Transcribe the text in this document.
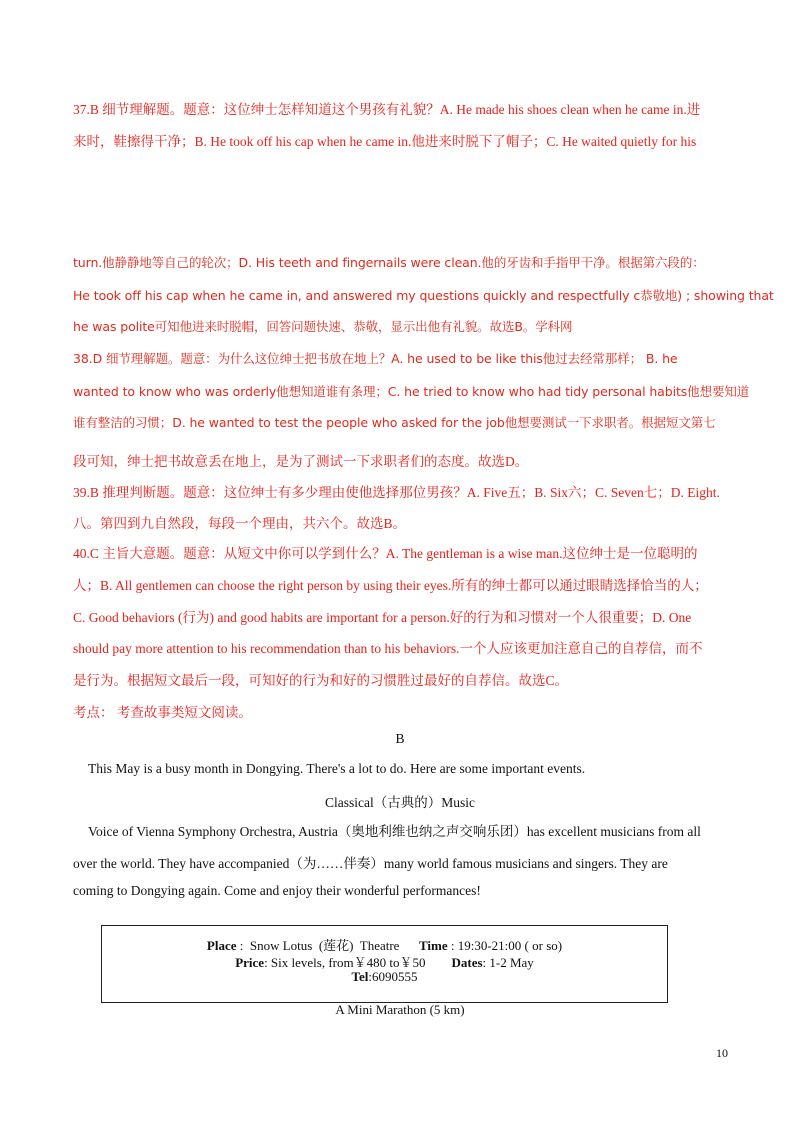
37.B 细节理解题。题意：这位绅士怎样知道这个男孩有礼貌？A. He made his shoes clean when he came in.进
来时，鞋擦得干净；B. He took off his cap when he came in.他进来时脱下了帽子；C. He waited quietly for his
turn.他静静地等自己的轮次；D. His teeth and fingernails were clean.他的牙齿和手指甲干净。根据第六段的：
He took off his cap when he came in, and answered my questions quickly and respectfully c恭敬地) ; showing that
he was polite可知他进来时脱帽，回答问题快速、恭敬，显示出他有礼貌。故选B。学科网
38.D 细节理解题。题意：为什么这位绅士把书放在地上？A. he used to be like this他过去经常那样； B. he
wanted to know who was orderly他想知道谁有条理；C. he tried to know who had tidy personal habits他想要知道
谁有整洁的习惯；D. he wanted to test the people who asked for the job他想要测试一下求职者。根据短文第七
段可知，绅士把书故意丢在地上，是为了测试一下求职者们的态度。故选D。
39.B 推理判断题。题意：这位绅士有多少理由使他选择那位男孩？A. Five五；B. Six六；C. Seven七；D. Eight.
八。第四到九自然段，每段一个理由，共六个。故选B。
40.C 主旨大意题。题意：从短文中你可以学到什么？A. The gentleman is a wise man.这位绅士是一位聪明的
人；B. All gentlemen can choose the right person by using their eyes.所有的绅士都可以通过眼睛选择恰当的人；
C. Good behaviors (行为) and good habits are important for a person.好的行为和习惯对一个人很重要；D. One
should pay more attention to his recommendation than to his behaviors.一个人应该更加注意自己的自荐信，而不
是行为。根据短文最后一段，可知好的行为和好的习惯胜过最好的自荐信。故选C。
考点： 考查故事类短文阅读。
B
This May is a busy month in Dongying. There's a lot to do. Here are some important events.
Classical（古典的）Music
Voice of Vienna Symphony Orchestra, Austria（奥地利维也纳之声交响乐团）has excellent musicians from all
over the world. They have accompanied（为……伴奏）many world famous musicians and singers. They are
coming to Dongying again. Come and enjoy their wonderful performances!
Place :  Snow Lotus  (莲花)  Theatre      Time : 19:30-21:00 ( or so)
Price: Six levels, from￥480 to￥50        Dates: 1-2 May
Tel:6090555
A Mini Marathon (5 km)
10
